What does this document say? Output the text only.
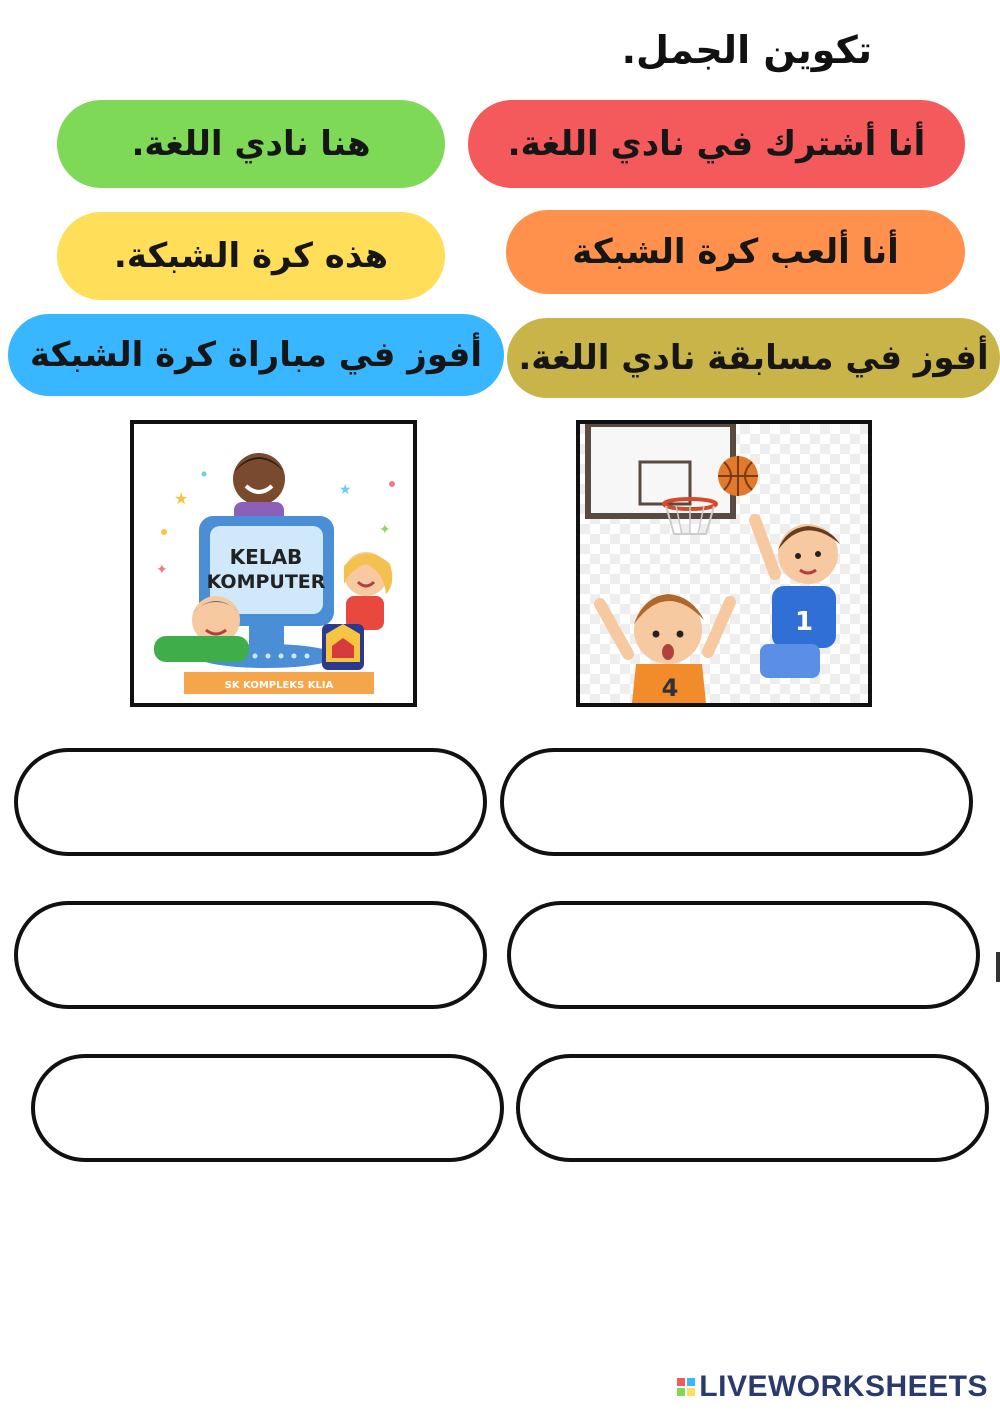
تكوين الجمل.
أنا أشترك في نادي اللغة.
هنا نادي اللغة.
أنا ألعب كرة الشبكة
هذه كرة الشبكة.
أفوز في مسابقة نادي اللغة.
أفوز في مباراة كرة الشبكة
★	★
✦
✦
KELAB
KOMPUTER
SK KOMPLEKS KLIA
1
4
LIVEWORKSHEETS
